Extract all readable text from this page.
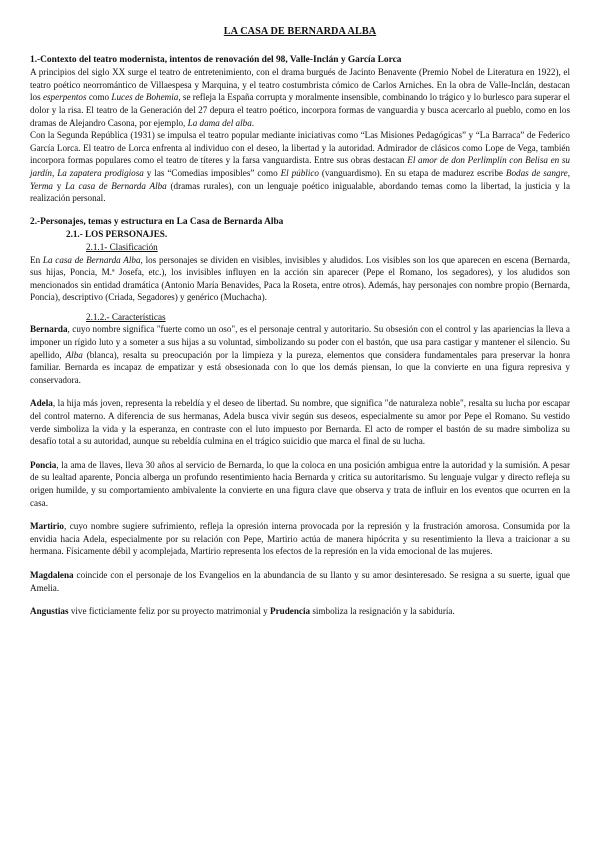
LA CASA DE BERNARDA ALBA
1.-Contexto del teatro modernista, intentos de renovación del 98, Valle-Inclán y García Lorca

A principios del siglo XX surge el teatro de entretenimiento, con el drama burgués de Jacinto Benavente (Premio Nobel de Literatura en 1922), el teatro poético neorromántico de Villaespesa y Marquina, y el teatro costumbrista cómico de Carlos Arniches. En la obra de Valle-Inclán, destacan los esperpentos como Luces de Bohemia, se refleja la España corrupta y moralmente insensible, combinando lo trágico y lo burlesco para superar el dolor y la risa. El teatro de la Generación del 27 depura el teatro poético, incorpora formas de vanguardia y busca acercarlo al pueblo, como en los dramas de Alejandro Casona, por ejemplo, La dama del alba.

Con la Segunda República (1931) se impulsa el teatro popular mediante iniciativas como “Las Misiones Pedagógicas” y “La Barraca” de Federico García Lorca. El teatro de Lorca enfrenta al individuo con el deseo, la libertad y la autoridad. Admirador de clásicos como Lope de Vega, también incorpora formas populares como el teatro de títeres y la farsa vanguardista. Entre sus obras destacan El amor de don Perlimplín con Belisa en su jardín, La zapatera prodigiosa y las “Comedias imposibles” como El público (vanguardismo). En su etapa de madurez escribe Bodas de sangre, Yerma y La casa de Bernarda Alba (dramas rurales), con un lenguaje poético inigualable, abordando temas como la libertad, la justicia y la realización personal.

2.-Personajes, temas y estructura en La Casa de Bernarda Alba
2.1.- LOS PERSONAJES.
2.1.1- Clasificación

En La casa de Bernarda Alba, los personajes se dividen en visibles, invisibles y aludidos. Los visibles son los que aparecen en escena (Bernarda, sus hijas, Poncia, M.ª Josefa, etc.), los invisibles influyen en la acción sin aparecer (Pepe el Romano, los segadores), y los aludidos son mencionados sin entidad dramática (Antonio María Benavides, Paca la Roseta, entre otros). Además, hay personajes con nombre propio (Bernarda, Poncia), descriptivo (Criada, Segadores) y genérico (Muchacha).

2.1.2.- Características

Bernarda, cuyo nombre significa "fuerte como un oso", es el personaje central y autoritario. Su obsesión con el control y las apariencias la lleva a imponer un rígido luto y a someter a sus hijas a su voluntad, simbolizando su poder con el bastón, que usa para castigar y mantener el silencio. Su apellido, Alba (blanca), resalta su preocupación por la limpieza y la pureza, elementos que considera fundamentales para preservar la honra familiar. Bernarda es incapaz de empatizar y está obsesionada con lo que los demás piensan, lo que la convierte en una figura represiva y conservadora.

Adela, la hija más joven, representa la rebeldía y el deseo de libertad. Su nombre, que significa "de naturaleza noble", resalta su lucha por escapar del control materno. A diferencia de sus hermanas, Adela busca vivir según sus deseos, especialmente su amor por Pepe el Romano. Su vestido verde simboliza la vida y la esperanza, en contraste con el luto impuesto por Bernarda. El acto de romper el bastón de su madre simboliza su desafío total a su autoridad, aunque su rebeldía culmina en el trágico suicidio que marca el final de su lucha.

Poncia, la ama de llaves, lleva 30 años al servicio de Bernarda, lo que la coloca en una posición ambigua entre la autoridad y la sumisión. A pesar de su lealtad aparente, Poncia alberga un profundo resentimiento hacia Bernarda y critica su autoritarismo. Su lenguaje vulgar y directo refleja su origen humilde, y su comportamiento ambivalente la convierte en una figura clave que observa y trata de influir en los eventos que ocurren en la casa.

Martirio, cuyo nombre sugiere sufrimiento, refleja la opresión interna provocada por la represión y la frustración amorosa. Consumida por la envidia hacia Adela, especialmente por su relación con Pepe, Martirio actúa de manera hipócrita y su resentimiento la lleva a traicionar a su hermana. Físicamente débil y acomplejada, Martirio representa los efectos de la represión en la vida emocional de las mujeres.

Magdalena coincide con el personaje de los Evangelios en la abundancia de su llanto y su amor desinteresado. Se resigna a su suerte, igual que Amelia.

Angustias vive ficticiamente feliz por su proyecto matrimonial y Prudencia simboliza la resignación y la sabiduría.
